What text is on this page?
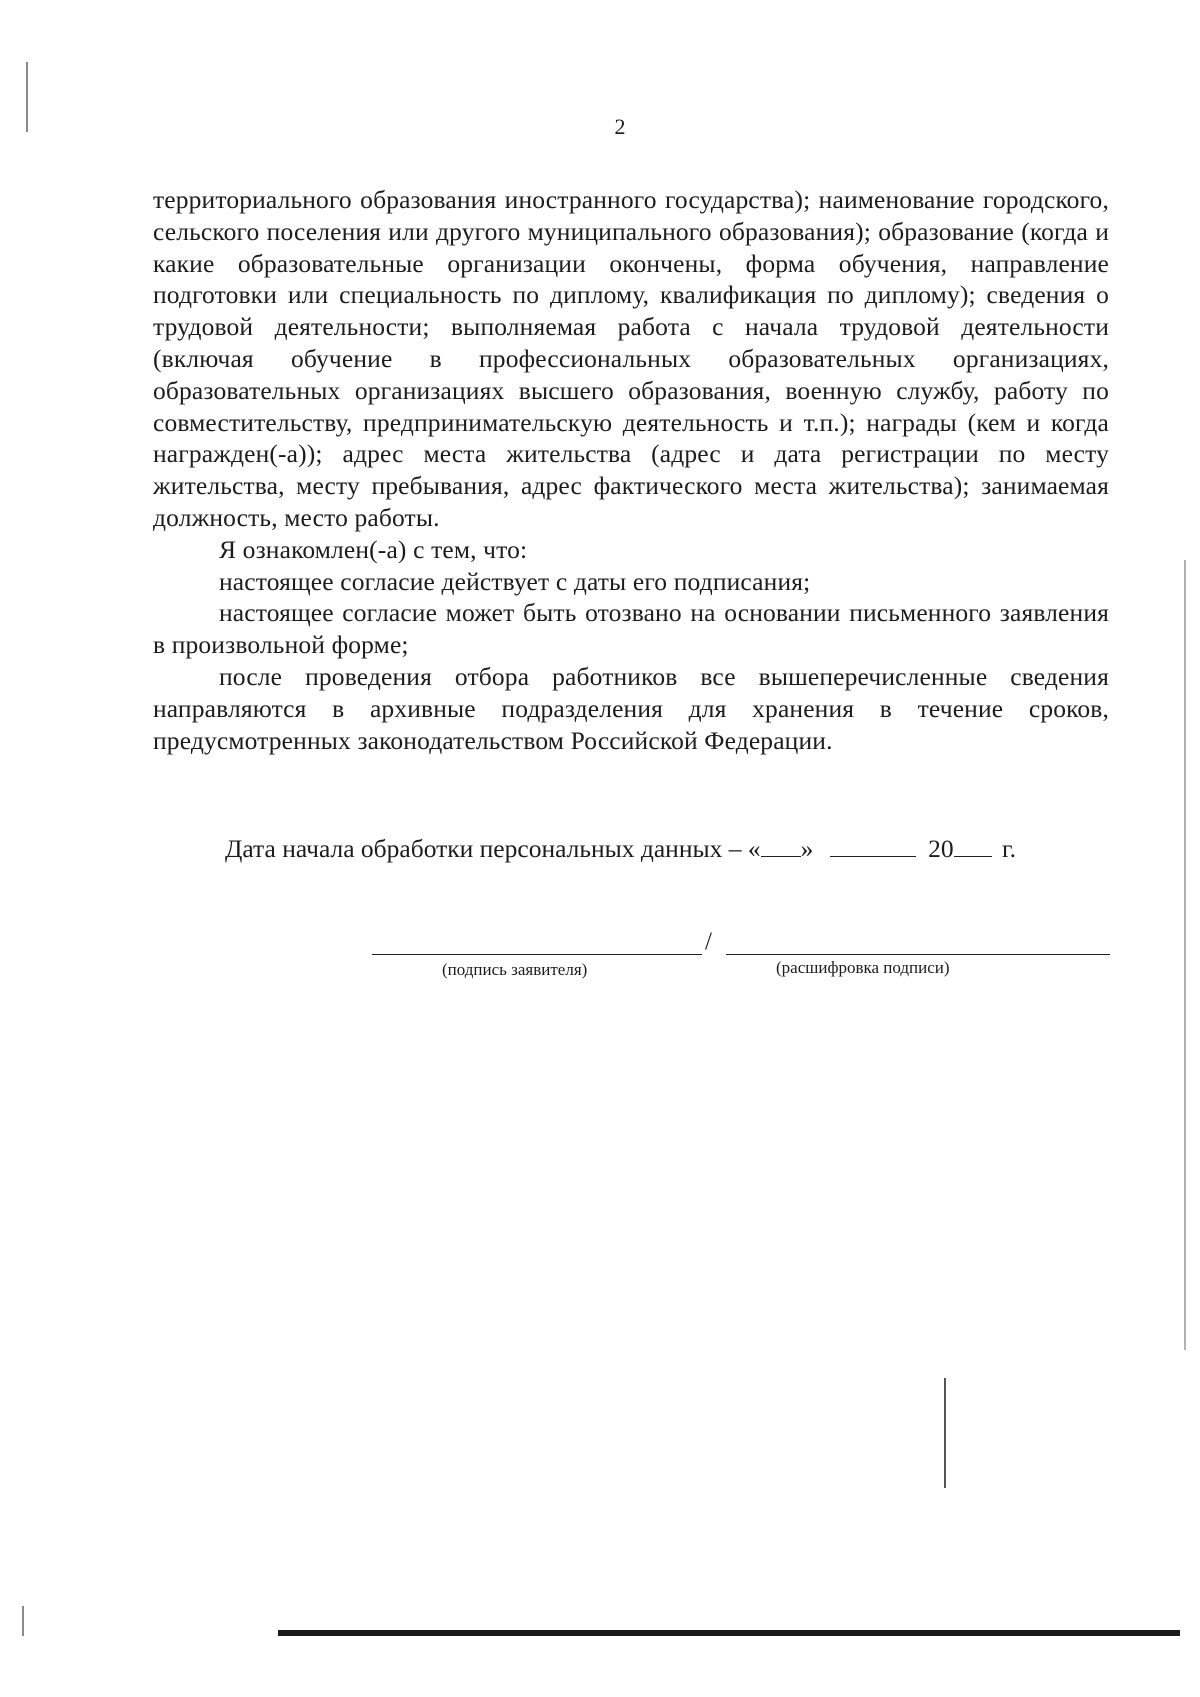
2

территориального образования иностранного государства); наименование городского, сельского поселения или другого муниципального образования); образование (когда и какие образовательные организации окончены, форма обучения, направление подготовки или специальность по диплому, квалификация по диплому); сведения о трудовой деятельности; выполняемая работа с начала трудовой деятельности (включая обучение в профессиональных образовательных организациях, образовательных организациях высшего образования, военную службу, работу по совместительству, предпринимательскую деятельность и т.п.); награды (кем и когда награжден(-а)); адрес места жительства (адрес и дата регистрации по месту жительства, месту пребывания, адрес фактического места жительства); занимаемая должность, место работы.

Я ознакомлен(-а) с тем, что:

настоящее согласие действует с даты его подписания;

настоящее согласие может быть отозвано на основании письменного заявления в произвольной форме;

после проведения отбора работников все вышеперечисленные сведения направляются в архивные подразделения для хранения в течение сроков, предусмотренных законодательством Российской Федерации.

Дата начала обработки персональных данных – « »	20 г.
/
(подпись заявителя)	(расшифровка подписи)
